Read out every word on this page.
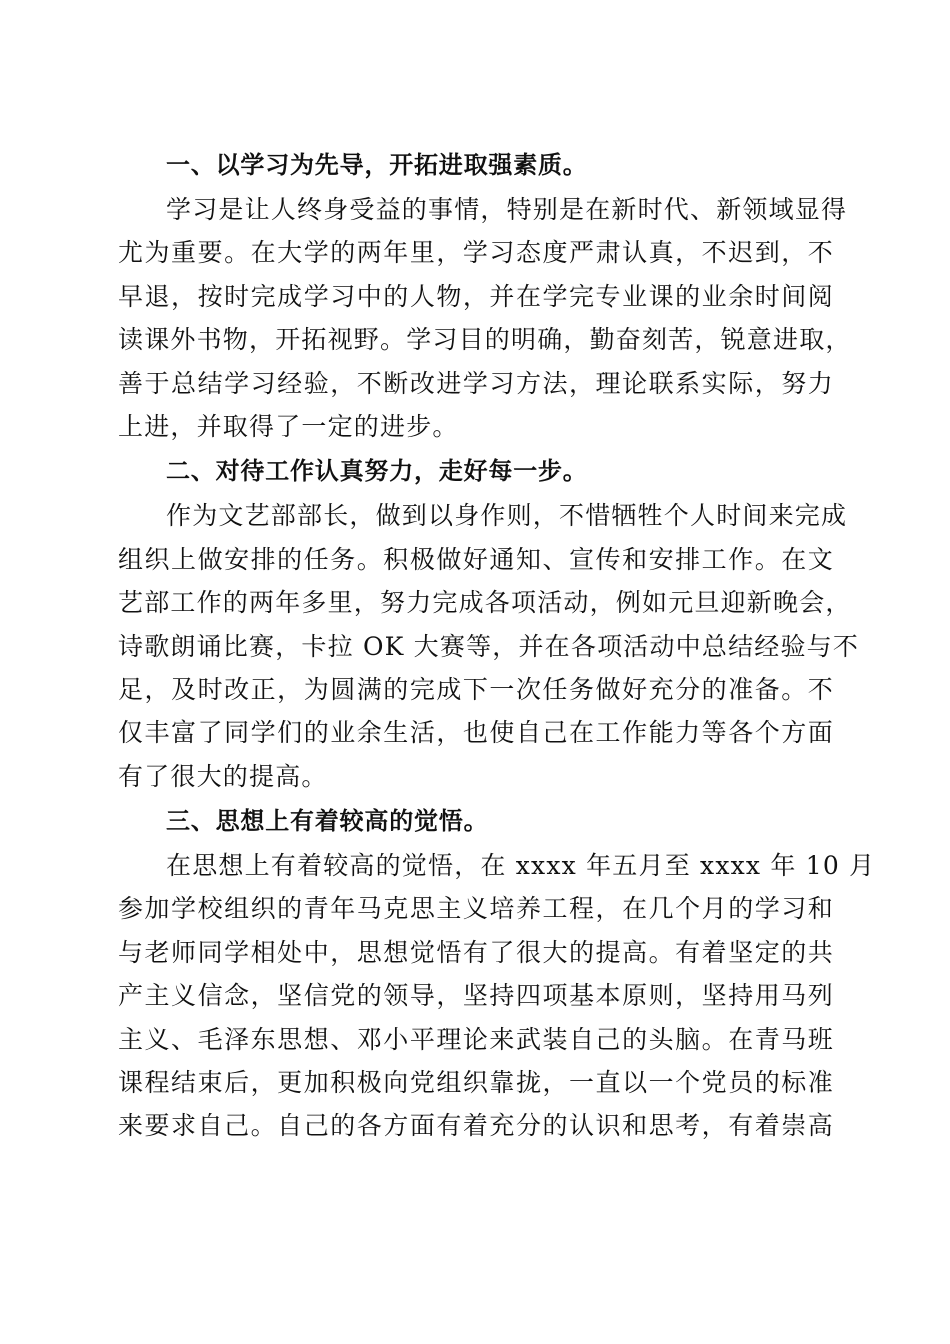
一、以学习为先导，开拓进取强素质。

学习是让人终身受益的事情，特别是在新时代、新领域显得
尤为重要。在大学的两年里，学习态度严肃认真，不迟到，不
早退，按时完成学习中的人物，并在学完专业课的业余时间阅
读课外书物，开拓视野。学习目的明确，勤奋刻苦，锐意进取，
善于总结学习经验，不断改进学习方法，理论联系实际，努力
上进，并取得了一定的进步。

二、对待工作认真努力，走好每一步。

作为文艺部部长，做到以身作则，不惜牺牲个人时间来完成
组织上做安排的任务。积极做好通知、宣传和安排工作。在文
艺部工作的两年多里，努力完成各项活动，例如元旦迎新晚会，
诗歌朗诵比赛，卡拉 OK 大赛等，并在各项活动中总结经验与不
足，及时改正，为圆满的完成下一次任务做好充分的准备。不
仅丰富了同学们的业余生活，也使自己在工作能力等各个方面
有了很大的提高。

三、思想上有着较高的觉悟。

在思想上有着较高的觉悟，在 xxxx 年五月至 xxxx 年 10 月
参加学校组织的青年马克思主义培养工程，在几个月的学习和
与老师同学相处中，思想觉悟有了很大的提高。有着坚定的共
产主义信念，坚信党的领导，坚持四项基本原则，坚持用马列
主义、毛泽东思想、邓小平理论来武装自己的头脑。在青马班
课程结束后，更加积极向党组织靠拢，一直以一个党员的标准
来要求自己。自己的各方面有着充分的认识和思考，有着崇高
